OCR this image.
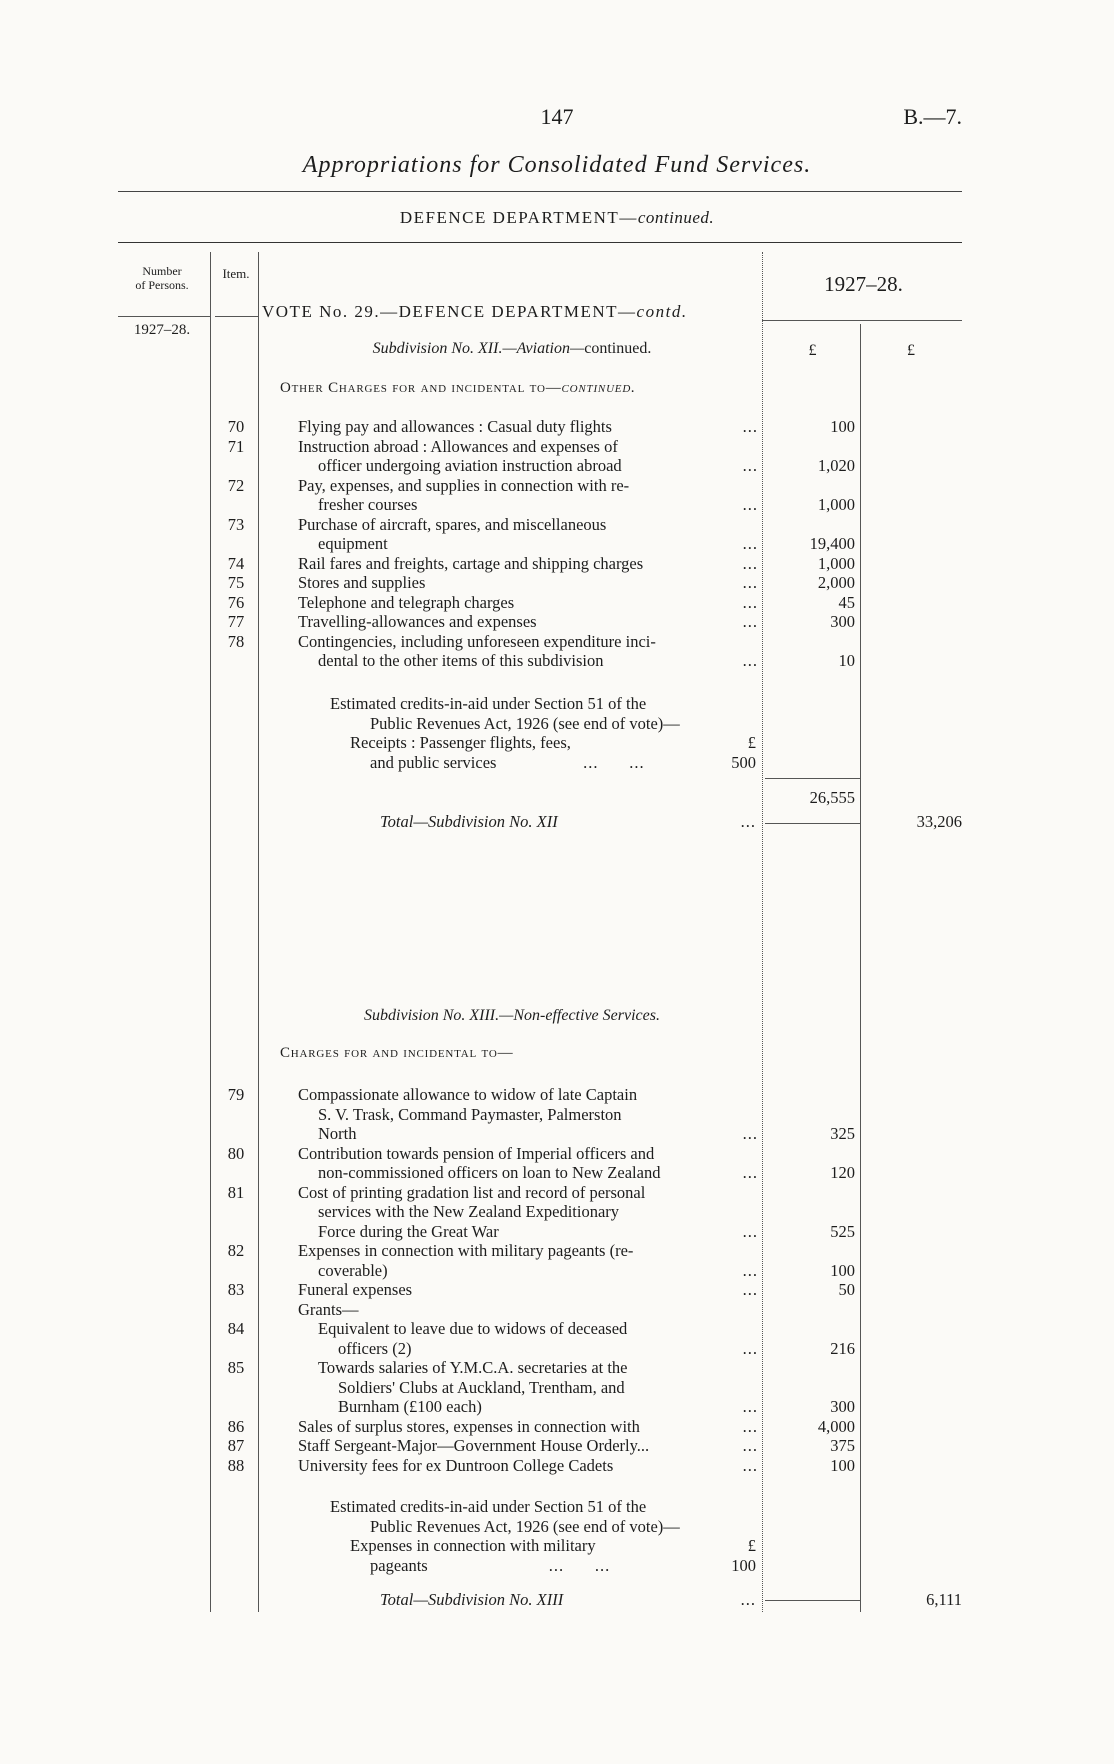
147	B.—7.
Appropriations for Consolidated Fund Services.
DEFENCE DEPARTMENT—continued.
Number
of Persons.
Item.
1927–28.
1927–28.
VOTE No. 29.—DEFENCE DEPARTMENT—contd.
Subdivision No. XII.—Aviation—continued.	£	£
Other Charges for and incidental to—continued.
70	Flying pay and allowances : Casual duty flights	...	100
71	Instruction abroad : Allowances and expenses of
officer undergoing aviation instruction abroad	...	1,020
72	Pay, expenses, and supplies in connection with re-
fresher courses	...	1,000
73	Purchase of aircraft, spares, and miscellaneous
equipment	...	19,400
74	Rail fares and freights, cartage and shipping charges	...	1,000
75	Stores and supplies	...	2,000
76	Telephone and telegraph charges	...	45
77	Travelling-allowances and expenses	...	300
78	Contingencies, including unforeseen expenditure inci-
dental to the other items of this subdivision	...	10
Estimated credits-in-aid under Section 51 of the
Public Revenues Act, 1926 (see end of vote)—
Receipts : Passenger flights, fees,	£
and public services	...      ...	500
26,555
Total—Subdivision No. XII	...	33,206
Subdivision No. XIII.—Non-effective Services.
Charges for and incidental to—
79	Compassionate allowance to widow of late Captain
S. V. Trask, Command Paymaster, Palmerston
North	...	325
80	Contribution towards pension of Imperial officers and
non-commissioned officers on loan to New Zealand	...	120
81	Cost of printing gradation list and record of personal
services with the New Zealand Expeditionary
Force during the Great War	...	525
82	Expenses in connection with military pageants (re-
coverable)	...	100
83	Funeral expenses	...	50
Grants—
84	Equivalent to leave due to widows of deceased
officers (2)	...	216
85	Towards salaries of Y.M.C.A. secretaries at the
Soldiers' Clubs at Auckland, Trentham, and
Burnham (£100 each)	...	300
86	Sales of surplus stores, expenses in connection with	...	4,000
87	Staff Sergeant-Major—Government House Orderly...	...	375
88	University fees for ex Duntroon College Cadets	...	100
Estimated credits-in-aid under Section 51 of the
Public Revenues Act, 1926 (see end of vote)—
Expenses in connection with military	£
pageants	...      ...	100
Total—Subdivision No. XIII	...	6,111
